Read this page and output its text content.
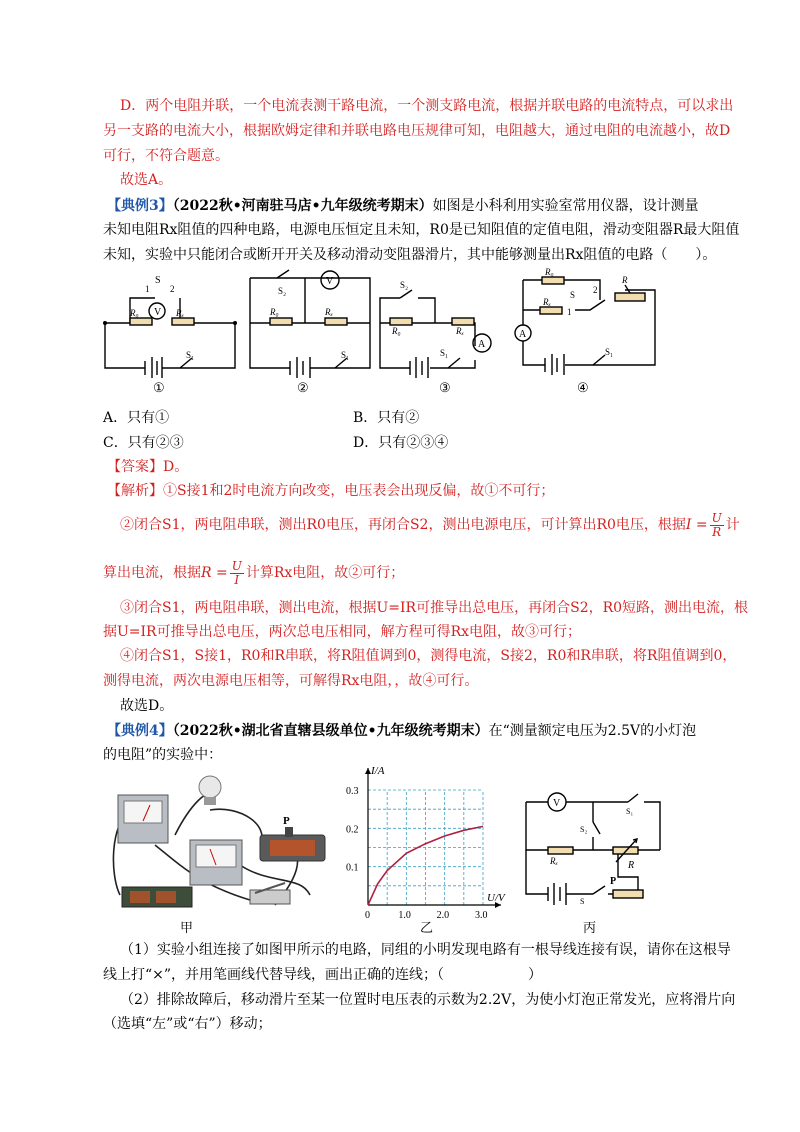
D．两个电阻并联，一个电流表测干路电流，一个测支路电流，根据并联电路的电流特点，可以求出
另一支路的电流大小，根据欧姆定律和并联电路电压规律可知，电阻越大，通过电阻的电流越小，故D
可行，不符合题意。
故选A。
【典例3】（2022秋•河南驻马店•九年级统考期末）如图是小科利用实验室常用仪器，设计测量
未知电阻Rx阻值的四种电路，电源电压恒定且未知，R0是已知阻值的定值电阻，滑动变阻器R最大阻值
未知，实验中只能闭合或断开开关及移动滑动变阻器滑片，其中能够测量出Rx阻值的电路（　　）。
V
R₀	Rₓ
S
1 2
S₁
①
V
S₂
R₀	Rₓ
S₁
②
A
S₂
R₀	Rₓ
S₁
③
A
R₀
Rₓ
S 2
1
R
S₁
④
A．只有①	B．只有②
C．只有②③	D．只有②③④
【答案】D。
【解析】①S接1和2时电流方向改变，电压表会出现反偏，故①不可行；
②闭合S1，两电阻串联，测出R0电压，再闭合S2，测出电源电压，可计算出R0电压，根据$I = \frac{U}{R}$ 计
算出电流，根据$R = \frac{U}{I}$ 计算Rx电阻，故②可行；
③闭合S1，两电阻串联，测出电流，根据U=IR可推导出总电压，再闭合S2，R0短路，测出电流，根
据U=IR可推导出总电压，两次总电压相同，解方程可得Rx电阻，故③可行；
④闭合S1，S接1，R0和R串联，将R阻值调到0，测得电流，S接2，R0和R串联，将R阻值调到0，
测得电流，两次电源电压相等，可解得Rx电阻，，故④可行。
故选D。
【典例4】（2022秋•湖北省直辖县级单位•九年级统考期末）在“测量额定电压为2.5V的小灯泡
的电阻”的实验中：
P
甲
0	1.0	2.0	3.0
0.1
0.2
0.3
I/A
U/V
乙
V
S₁
S₂
Rₓ	R
P
S
丙
（1）实验小组连接了如图甲所示的电路，同组的小明发现电路有一根导线连接有误，请你在这根导
线上打“×”，并用笔画线代替导线，画出正确的连线；（　　　　　　）
（2）排除故障后，移动滑片至某一位置时电压表的示数为2.2V，为使小灯泡正常发光，应将滑片向
（选填“左”或“右”）移动；
